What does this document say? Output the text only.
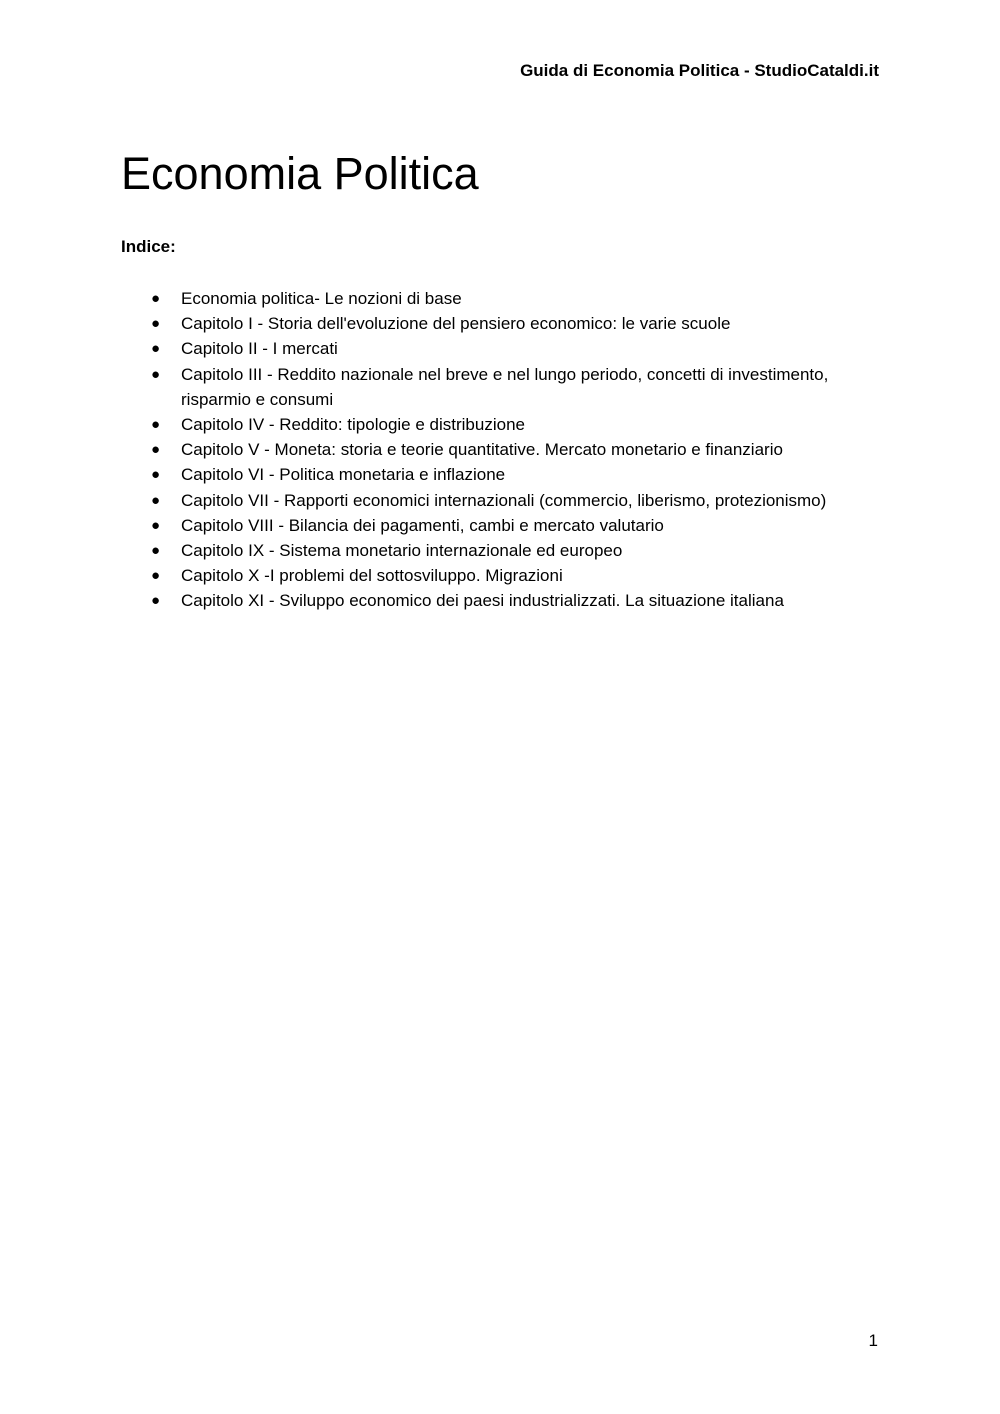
Guida di Economia Politica - StudioCataldi.it
Economia Politica
Indice:
● Economia politica- Le nozioni di base
● Capitolo I - Storia dell'evoluzione del pensiero economico: le varie scuole
● Capitolo II - I mercati
● Capitolo III - Reddito nazionale nel breve e nel lungo periodo, concetti di investimento, risparmio e consumi
● Capitolo IV - Reddito: tipologie e distribuzione
● Capitolo V - Moneta: storia e teorie quantitative. Mercato monetario e finanziario
● Capitolo VI - Politica monetaria e inflazione
● Capitolo VII - Rapporti economici internazionali (commercio, liberismo, protezionismo)
● Capitolo VIII - Bilancia dei pagamenti, cambi e mercato valutario
● Capitolo IX - Sistema monetario internazionale ed europeo
● Capitolo X -I problemi del sottosviluppo. Migrazioni
● Capitolo XI - Sviluppo economico dei paesi industrializzati. La situazione italiana
1
